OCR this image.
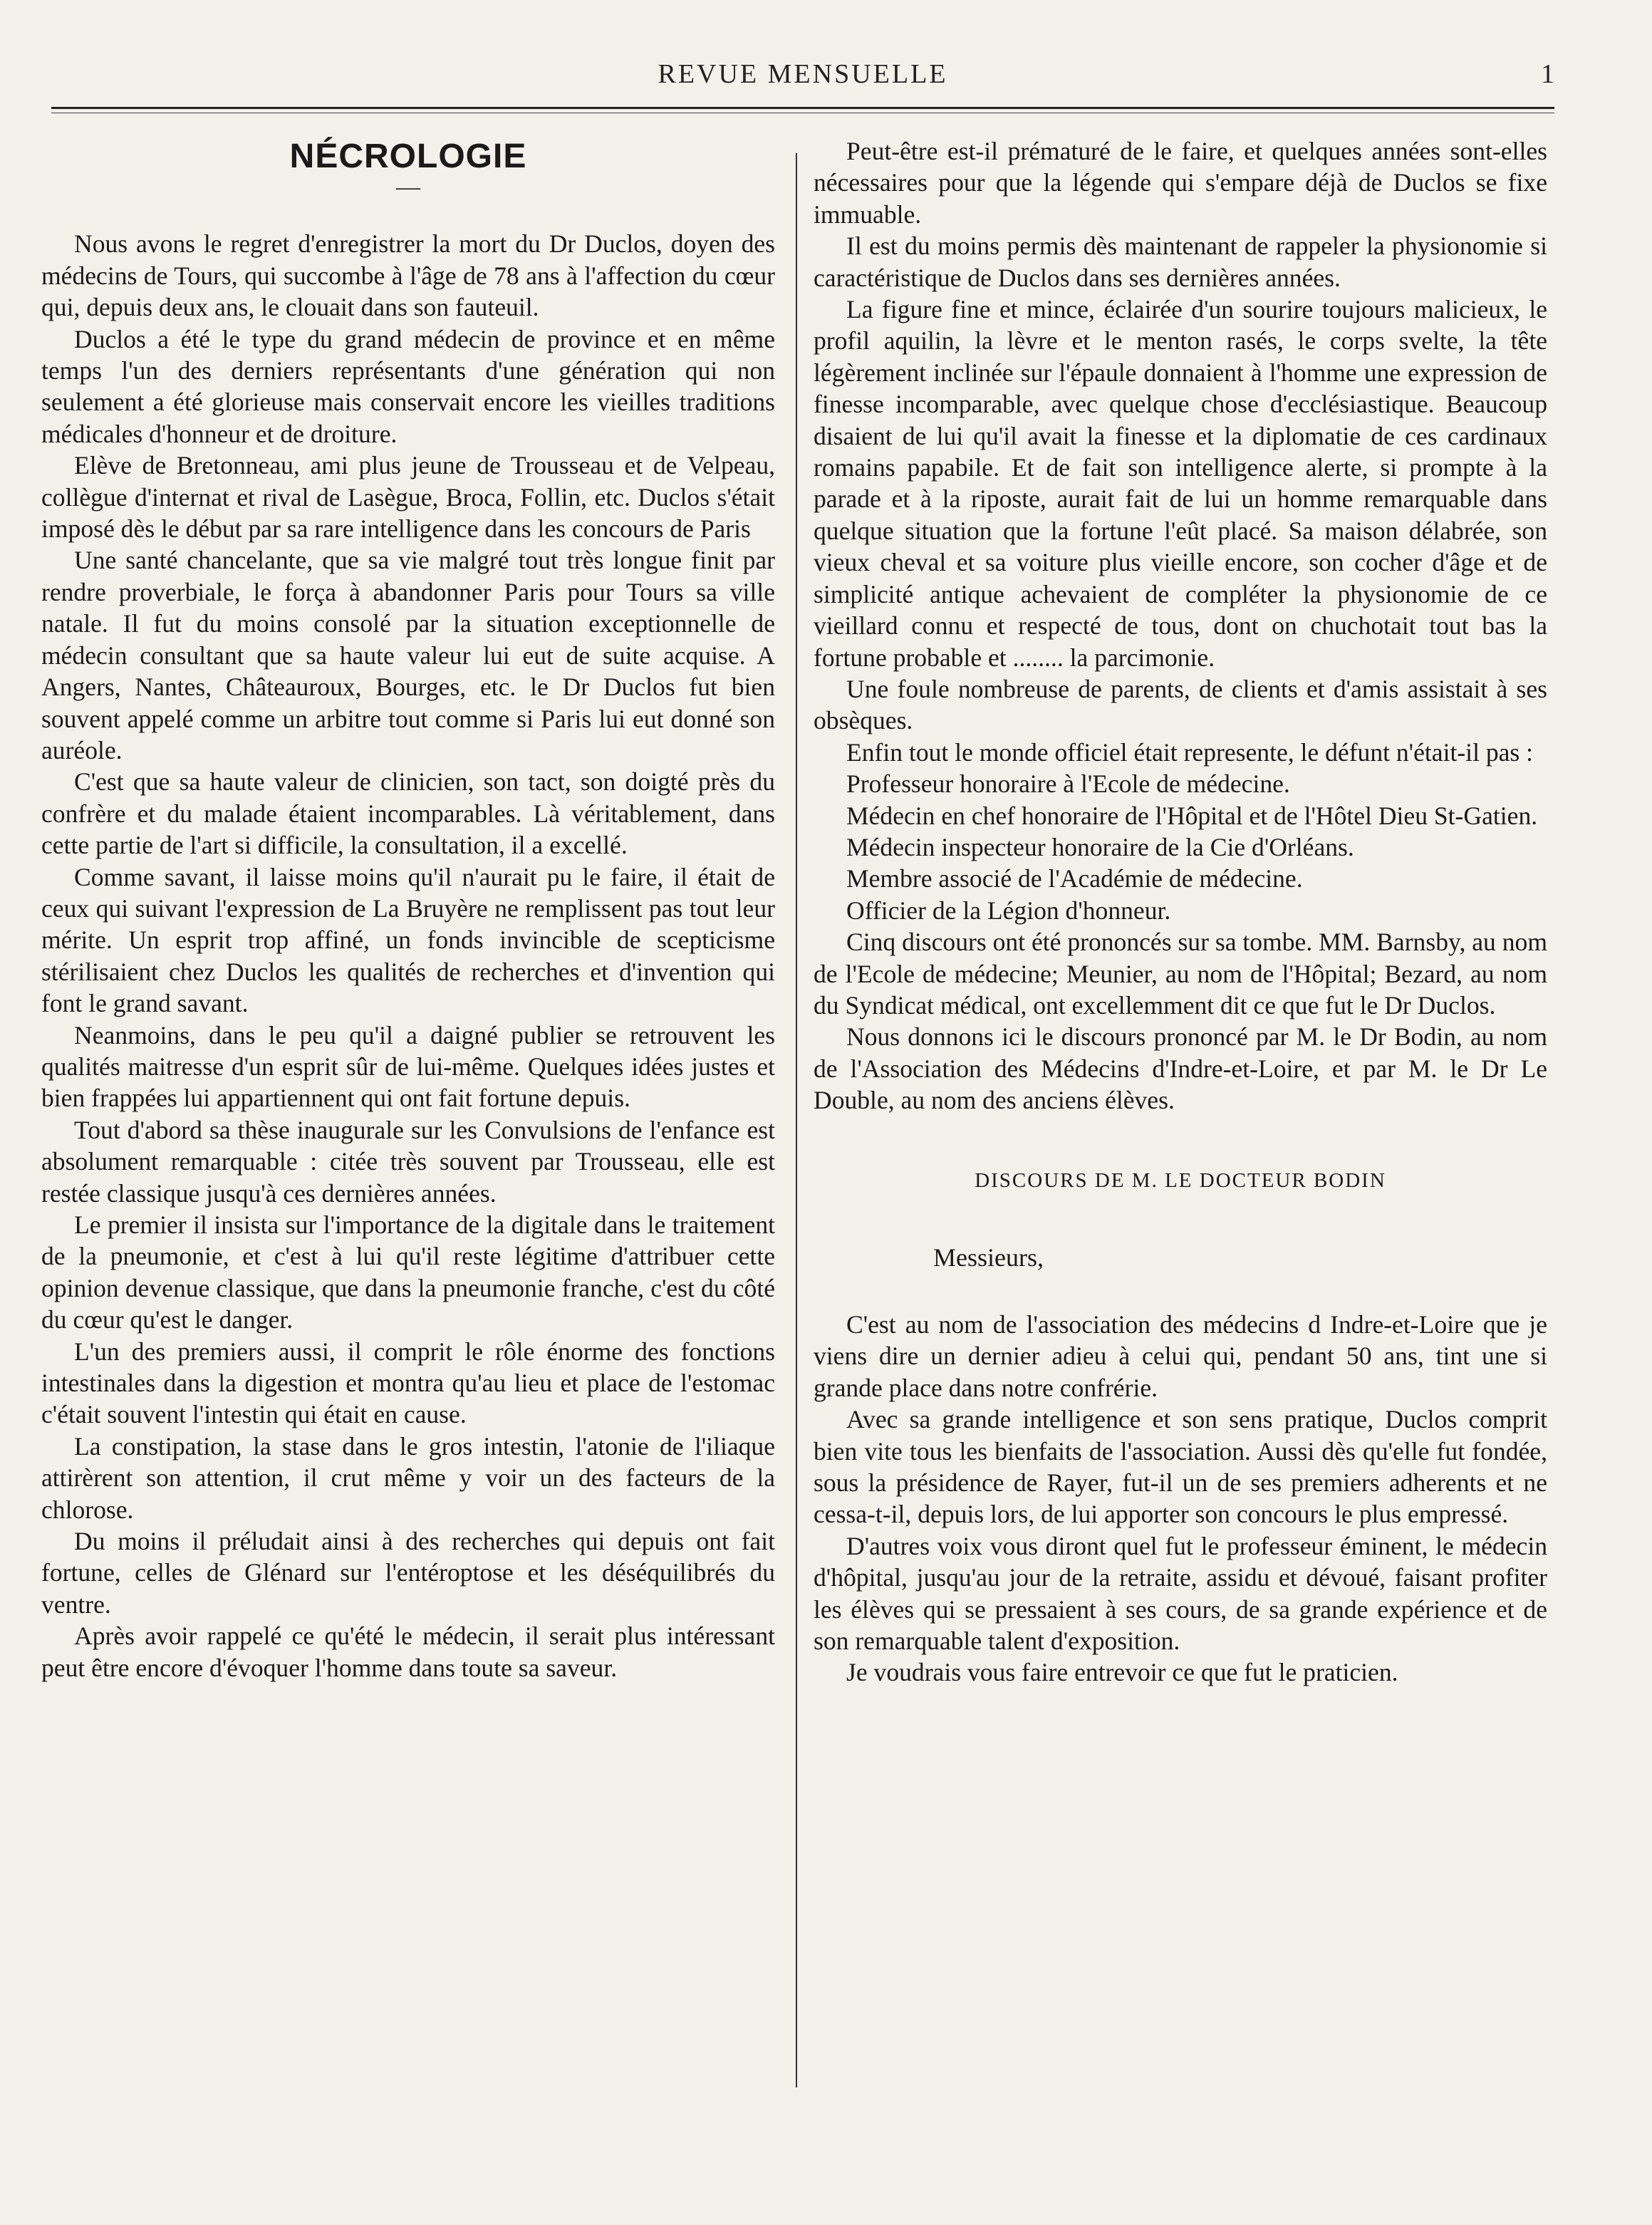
REVUE MENSUELLE	1
NÉCROLOGIE
—

Nous avons le regret d'enregistrer la mort du Dr Duclos, doyen des médecins de Tours, qui succombe à l'âge de 78 ans à l'affection du cœur qui, depuis deux ans, le clouait dans son fauteuil.

Duclos a été le type du grand médecin de province et en même temps l'un des derniers représentants d'une génération qui non seulement a été glorieuse mais conservait encore les vieilles traditions médicales d'honneur et de droiture.

Elève de Bretonneau, ami plus jeune de Trousseau et de Velpeau, collègue d'internat et rival de Lasègue, Broca, Follin, etc. Duclos s'était imposé dès le début par sa rare intelligence dans les concours de Paris

Une santé chancelante, que sa vie malgré tout très longue finit par rendre proverbiale, le força à abandonner Paris pour Tours sa ville natale. Il fut du moins consolé par la situation exceptionnelle de médecin consultant que sa haute valeur lui eut de suite acquise. A Angers, Nantes, Châteauroux, Bourges, etc. le Dr Duclos fut bien souvent appelé comme un arbitre tout comme si Paris lui eut donné son auréole.

C'est que sa haute valeur de clinicien, son tact, son doigté près du confrère et du malade étaient incomparables. Là véritablement, dans cette partie de l'art si difficile, la consultation, il a excellé.

Comme savant, il laisse moins qu'il n'aurait pu le faire, il était de ceux qui suivant l'expression de La Bruyère ne remplissent pas tout leur mérite. Un esprit trop affiné, un fonds invincible de scepticisme stérilisaient chez Duclos les qualités de recherches et d'invention qui font le grand savant.

Neanmoins, dans le peu qu'il a daigné publier se retrouvent les qualités maitresse d'un esprit sûr de lui-même. Quelques idées justes et bien frappées lui appartiennent qui ont fait fortune depuis.

Tout d'abord sa thèse inaugurale sur les Convulsions de l'enfance est absolument remarquable : citée très souvent par Trousseau, elle est restée classique jusqu'à ces dernières années.

Le premier il insista sur l'importance de la digitale dans le traitement de la pneumonie, et c'est à lui qu'il reste légitime d'attribuer cette opinion devenue classique, que dans la pneumonie franche, c'est du côté du cœur qu'est le danger.

L'un des premiers aussi, il comprit le rôle énorme des fonctions intestinales dans la digestion et montra qu'au lieu et place de l'estomac c'était souvent l'intestin qui était en cause.

La constipation, la stase dans le gros intestin, l'atonie de l'iliaque attirèrent son attention, il crut même y voir un des facteurs de la chlorose.

Du moins il préludait ainsi à des recherches qui depuis ont fait fortune, celles de Glénard sur l'entéroptose et les déséquilibrés du ventre.

Après avoir rappelé ce qu'été le médecin, il serait plus intéressant peut être encore d'évoquer l'homme dans toute sa saveur.

Peut-être est-il prématuré de le faire, et quelques années sont-elles nécessaires pour que la légende qui s'empare déjà de Duclos se fixe immuable.

Il est du moins permis dès maintenant de rappeler la physionomie si caractéristique de Duclos dans ses dernières années.

La figure fine et mince, éclairée d'un sourire toujours malicieux, le profil aquilin, la lèvre et le menton rasés, le corps svelte, la tête légèrement inclinée sur l'épaule donnaient à l'homme une expression de finesse incomparable, avec quelque chose d'ecclésiastique. Beaucoup disaient de lui qu'il avait la finesse et la diplomatie de ces cardinaux romains papabile. Et de fait son intelligence alerte, si prompte à la parade et à la riposte, aurait fait de lui un homme remarquable dans quelque situation que la fortune l'eût placé. Sa maison délabrée, son vieux cheval et sa voiture plus vieille encore, son cocher d'âge et de simplicité antique achevaient de compléter la physionomie de ce vieillard connu et respecté de tous, dont on chuchotait tout bas la fortune probable et ........ la parcimonie.

Une foule nombreuse de parents, de clients et d'amis assistait à ses obsèques.

Enfin tout le monde officiel était represente, le défunt n'était-il pas :

Professeur honoraire à l'Ecole de médecine.

Médecin en chef honoraire de l'Hôpital et de l'Hôtel Dieu St-Gatien.

Médecin inspecteur honoraire de la Cie d'Orléans.

Membre associé de l'Académie de médecine.

Officier de la Légion d'honneur.

Cinq discours ont été prononcés sur sa tombe. MM. Barnsby, au nom de l'Ecole de médecine; Meunier, au nom de l'Hôpital; Bezard, au nom du Syndicat médical, ont excellemment dit ce que fut le Dr Duclos.

Nous donnons ici le discours prononcé par M. le Dr Bodin, au nom de l'Association des Médecins d'Indre-et-Loire, et par M. le Dr Le Double, au nom des anciens élèves.

DISCOURS DE M. LE DOCTEUR BODIN

Messieurs,

C'est au nom de l'association des médecins d Indre-et-Loire que je viens dire un dernier adieu à celui qui, pendant 50 ans, tint une si grande place dans notre confrérie.

Avec sa grande intelligence et son sens pratique, Duclos comprit bien vite tous les bienfaits de l'association. Aussi dès qu'elle fut fondée, sous la présidence de Rayer, fut-il un de ses premiers adherents et ne cessa-t-il, depuis lors, de lui apporter son concours le plus empressé.

D'autres voix vous diront quel fut le professeur éminent, le médecin d'hôpital, jusqu'au jour de la retraite, assidu et dévoué, faisant profiter les élèves qui se pressaient à ses cours, de sa grande expérience et de son remarquable talent d'exposition.

Je voudrais vous faire entrevoir ce que fut le praticien.
